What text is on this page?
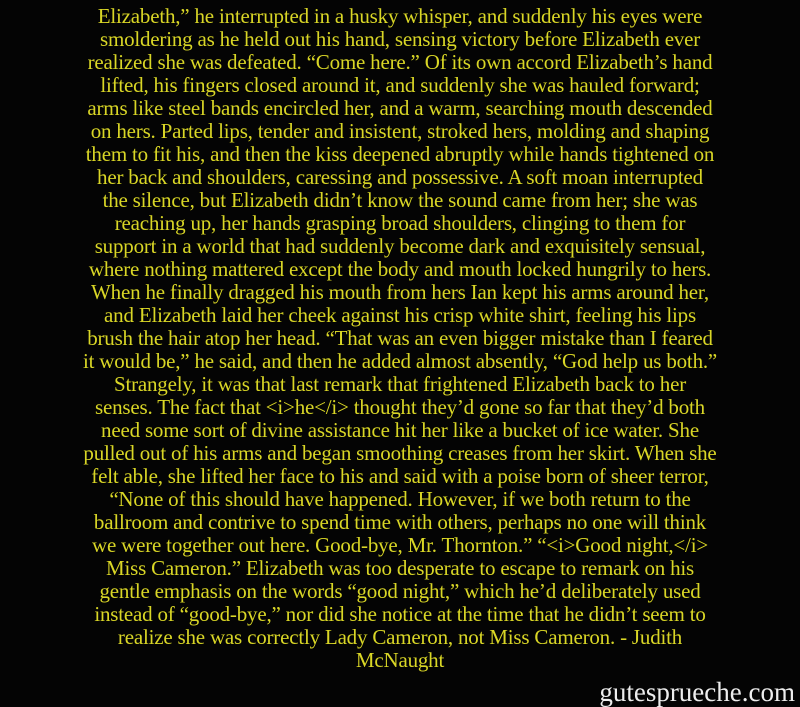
Elizabeth,” he interrupted in a husky whisper, and suddenly his eyes were
smoldering as he held out his hand, sensing victory before Elizabeth ever
realized she was defeated. “Come here.” Of its own accord Elizabeth’s hand
lifted, his fingers closed around it, and suddenly she was hauled forward;
arms like steel bands encircled her, and a warm, searching mouth descended
on hers. Parted lips, tender and insistent, stroked hers, molding and shaping
them to fit his, and then the kiss deepened abruptly while hands tightened on
her back and shoulders, caressing and possessive. A soft moan interrupted
the silence, but Elizabeth didn’t know the sound came from her; she was
reaching up, her hands grasping broad shoulders, clinging to them for
support in a world that had suddenly become dark and exquisitely sensual,
where nothing mattered except the body and mouth locked hungrily to hers.
When he finally dragged his mouth from hers Ian kept his arms around her,
and Elizabeth laid her cheek against his crisp white shirt, feeling his lips
brush the hair atop her head. “That was an even bigger mistake than I feared
it would be,” he said, and then he added almost absently, “God help us both.”
Strangely, it was that last remark that frightened Elizabeth back to her
senses. The fact that <i>he</i> thought they’d gone so far that they’d both
need some sort of divine assistance hit her like a bucket of ice water. She
pulled out of his arms and began smoothing creases from her skirt. When she
felt able, she lifted her face to his and said with a poise born of sheer terror,
“None of this should have happened. However, if we both return to the
ballroom and contrive to spend time with others, perhaps no one will think
we were together out here. Good-bye, Mr. Thornton.” “<i>Good night,</i>
Miss Cameron.” Elizabeth was too desperate to escape to remark on his
gentle emphasis on the words “good night,” which he’d deliberately used
instead of “good-bye,” nor did she notice at the time that he didn’t seem to
realize she was correctly Lady Cameron, not Miss Cameron. - Judith
McNaught
gutesprueche.com
